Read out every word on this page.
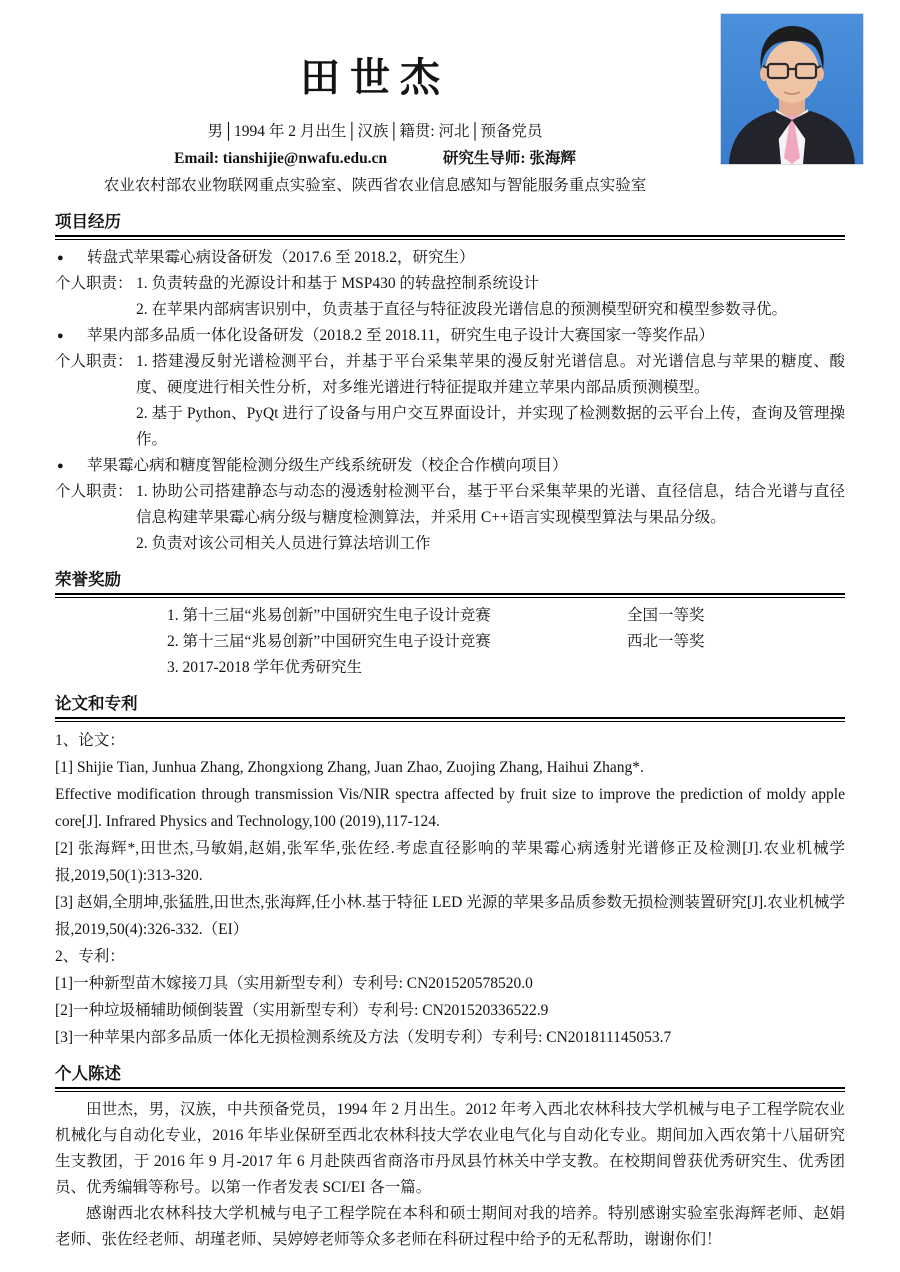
田世杰
男│1994 年 2 月出生│汉族│籍贯: 河北│预备党员
Email: tianshijie@nwafu.edu.cn	研究生导师: 张海辉
农业农村部农业物联网重点实验室、陕西省农业信息感知与智能服务重点实验室
项目经历
●	转盘式苹果霉心病设备研发（2017.6 至 2018.2，研究生）
个人职责： 1. 负责转盘的光源设计和基于 MSP430 的转盘控制系统设计
2. 在苹果内部病害识别中，负责基于直径与特征波段光谱信息的预测模型研究和模型参数寻优。
●	苹果内部多品质一体化设备研发（2018.2 至 2018.11，研究生电子设计大赛国家一等奖作品）
个人职责： 1. 搭建漫反射光谱检测平台，并基于平台采集苹果的漫反射光谱信息。对光谱信息与苹果的糖度、酸度、硬度进行相关性分析，对多维光谱进行特征提取并建立苹果内部品质预测模型。
2. 基于 Python、PyQt 进行了设备与用户交互界面设计，并实现了检测数据的云平台上传，查询及管理操作。
●	苹果霉心病和糖度智能检测分级生产线系统研发（校企合作横向项目）
个人职责： 1. 协助公司搭建静态与动态的漫透射检测平台，基于平台采集苹果的光谱、直径信息，结合光谱与直径信息构建苹果霉心病分级与糖度检测算法，并采用 C++语言实现模型算法与果品分级。
2. 负责对该公司相关人员进行算法培训工作
荣誉奖励
1. 第十三届“兆易创新”中国研究生电子设计竞赛	全国一等奖
2. 第十三届“兆易创新”中国研究生电子设计竞赛	西北一等奖
3. 2017-2018 学年优秀研究生
论文和专利
1、论文：
[1] Shijie Tian, Junhua Zhang, Zhongxiong Zhang, Juan Zhao, Zuojing Zhang, Haihui Zhang*.
Effective modification through transmission Vis/NIR spectra affected by fruit size to improve the prediction of moldy apple core[J]. Infrared Physics and Technology,100 (2019),117-124.
[2] 张海辉*,田世杰,马敏娟,赵娟,张军华,张佐经.考虑直径影响的苹果霉心病透射光谱修正及检测[J].农业机械学报,2019,50(1):313-320.
[3] 赵娟,全朋坤,张猛胜,田世杰,张海辉,任小林.基于特征 LED 光源的苹果多品质参数无损检测装置研究[J].农业机械学报,2019,50(4):326-332.（EI）
2、专利：
[1]一种新型苗木嫁接刀具（实用新型专利）专利号: CN201520578520.0
[2]一种垃圾桶辅助倾倒装置（实用新型专利）专利号: CN201520336522.9
[3]一种苹果内部多品质一体化无损检测系统及方法（发明专利）专利号: CN201811145053.7
个人陈述

田世杰，男，汉族，中共预备党员，1994 年 2 月出生。2012 年考入西北农林科技大学机械与电子工程学院农业机械化与自动化专业，2016 年毕业保研至西北农林科技大学农业电气化与自动化专业。期间加入西农第十八届研究生支教团，于 2016 年 9 月-2017 年 6 月赴陕西省商洛市丹凤县竹林关中学支教。在校期间曾获优秀研究生、优秀团员、优秀编辑等称号。以第一作者发表 SCI/EI 各一篇。

感谢西北农林科技大学机械与电子工程学院在本科和硕士期间对我的培养。特别感谢实验室张海辉老师、赵娟老师、张佐经老师、胡瑾老师、吴婷婷老师等众多老师在科研过程中给予的无私帮助，谢谢你们！
